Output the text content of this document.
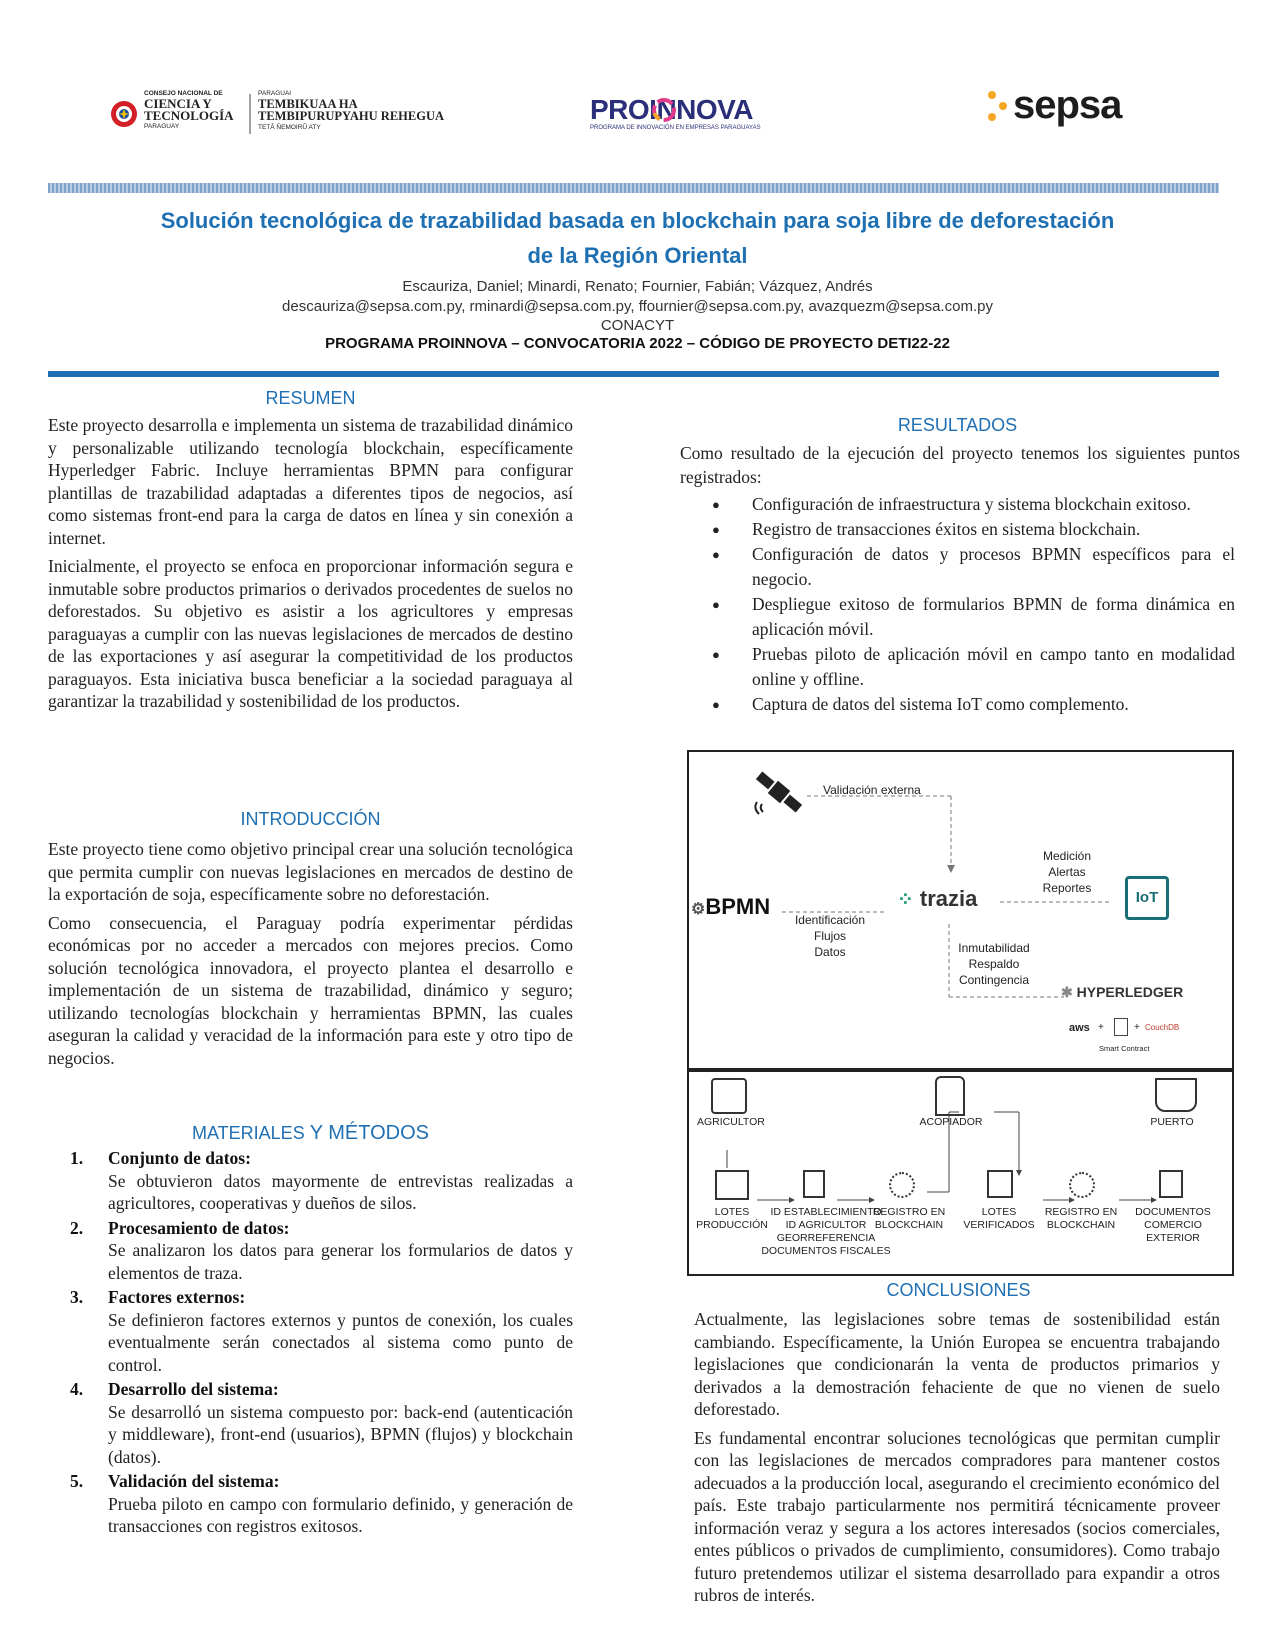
CONSEJO NACIONAL DE
CIENCIA Y
TECNOLOGÍA
PARAGUAY
PARAGUAI
TEMBIKUAA HA
TEMBIPURUPYAHU REHEGUA
TETÃ ÑEMOIRŨ ATY
PROINNOVA
PROGRAMA DE INNOVACIÓN EN EMPRESAS PARAGUAYAS
sepsa
Solución tecnológica de trazabilidad basada en blockchain para soja libre de deforestación
de la Región Oriental
Escauriza, Daniel; Minardi, Renato; Fournier, Fabián; Vázquez, Andrés
descauriza@sepsa.com.py, rminardi@sepsa.com.py, ffournier@sepsa.com.py, avazquezm@sepsa.com.py
CONACYT
PROGRAMA PROINNOVA – CONVOCATORIA 2022 – CÓDIGO DE PROYECTO DETI22-22
RESUMEN

Este proyecto desarrolla e implementa un sistema de trazabilidad dinámico y personalizable utilizando tecnología blockchain, específicamente Hyperledger Fabric. Incluye herramientas BPMN para configurar plantillas de trazabilidad adaptadas a diferentes tipos de negocios, así como sistemas front-end para la carga de datos en línea y sin conexión a internet.

Inicialmente, el proyecto se enfoca en proporcionar información segura e inmutable sobre productos primarios o derivados procedentes de suelos no deforestados. Su objetivo es asistir a los agricultores y empresas paraguayas a cumplir con las nuevas legislaciones de mercados de destino de las exportaciones y así asegurar la competitividad de los productos paraguayos. Esta iniciativa busca beneficiar a la sociedad paraguaya al garantizar la trazabilidad y sostenibilidad de los productos.

INTRODUCCIÓN

Este proyecto tiene como objetivo principal crear una solución tecnológica que permita cumplir con nuevas legislaciones en mercados de destino de la exportación de soja, específicamente sobre no deforestación.

Como consecuencia, el Paraguay podría experimentar pérdidas económicas por no acceder a mercados con mejores precios. Como solución tecnológica innovadora, el proyecto plantea el desarrollo e implementación de un sistema de trazabilidad, dinámico y seguro; utilizando tecnologías blockchain y herramientas BPMN, las cuales aseguran la calidad y veracidad de la información para este y otro tipo de negocios.

MATERIALES Y MÉTODOS
1.	Conjunto de datos:
Se obtuvieron datos mayormente de entrevistas realizadas a agricultores, cooperativas y dueños de silos.
2.	Procesamiento de datos:
Se analizaron los datos para generar los formularios de datos y elementos de traza.
3.	Factores externos:
Se definieron factores externos y puntos de conexión, los cuales eventualmente serán conectados al sistema como punto de control.
4.	Desarrollo del sistema:
Se desarrolló un sistema compuesto por: back-end (autenticación y middleware), front-end (usuarios), BPMN (flujos) y blockchain (datos).
5.	Validación del sistema:
Prueba piloto en campo con formulario definido, y generación de transacciones con registros exitosos.
RESULTADOS
Como resultado de la ejecución del proyecto tenemos los siguientes puntos registrados:
● Configuración de infraestructura y sistema blockchain exitoso.
● Registro de transacciones éxitos en sistema blockchain.
● Configuración de datos y procesos BPMN específicos para el negocio.
● Despliegue exitoso de formularios BPMN de forma dinámica en aplicación móvil.
● Pruebas piloto de aplicación móvil en campo tanto en modalidad online y offline.
● Captura de datos del sistema IoT como complemento.
Validación externa
⚙BPMN
Identificación
Flujos
Datos
⁘ trazia
Medición
Alertas
Reportes
IoT
Inmutabilidad
Respaldo
Contingencia
✱ HYPERLEDGER
aws +	+ CouchDB
Smart Contract
AGRICULTOR	ACOPIADOR	PUERTO
LOTES
PRODUCCIÓN
ID ESTABLECIMIENTO
ID AGRICULTOR
GEORREFERENCIA
DOCUMENTOS FISCALES
REGISTRO EN
BLOCKCHAIN
LOTES
VERIFICADOS
REGISTRO EN
BLOCKCHAIN
DOCUMENTOS
COMERCIO
EXTERIOR
CONCLUSIONES

Actualmente, las legislaciones sobre temas de sostenibilidad están cambiando. Específicamente, la Unión Europea se encuentra trabajando legislaciones que condicionarán la venta de productos primarios y derivados a la demostración fehaciente de que no vienen de suelo deforestado.

Es fundamental encontrar soluciones tecnológicas que permitan cumplir con las legislaciones de mercados compradores para mantener costos adecuados a la producción local, asegurando el crecimiento económico del país. Este trabajo particularmente nos permitirá técnicamente proveer información veraz y segura a los actores interesados (socios comerciales, entes públicos o privados de cumplimiento, consumidores). Como trabajo futuro pretendemos utilizar el sistema desarrollado para expandir a otros rubros de interés.
